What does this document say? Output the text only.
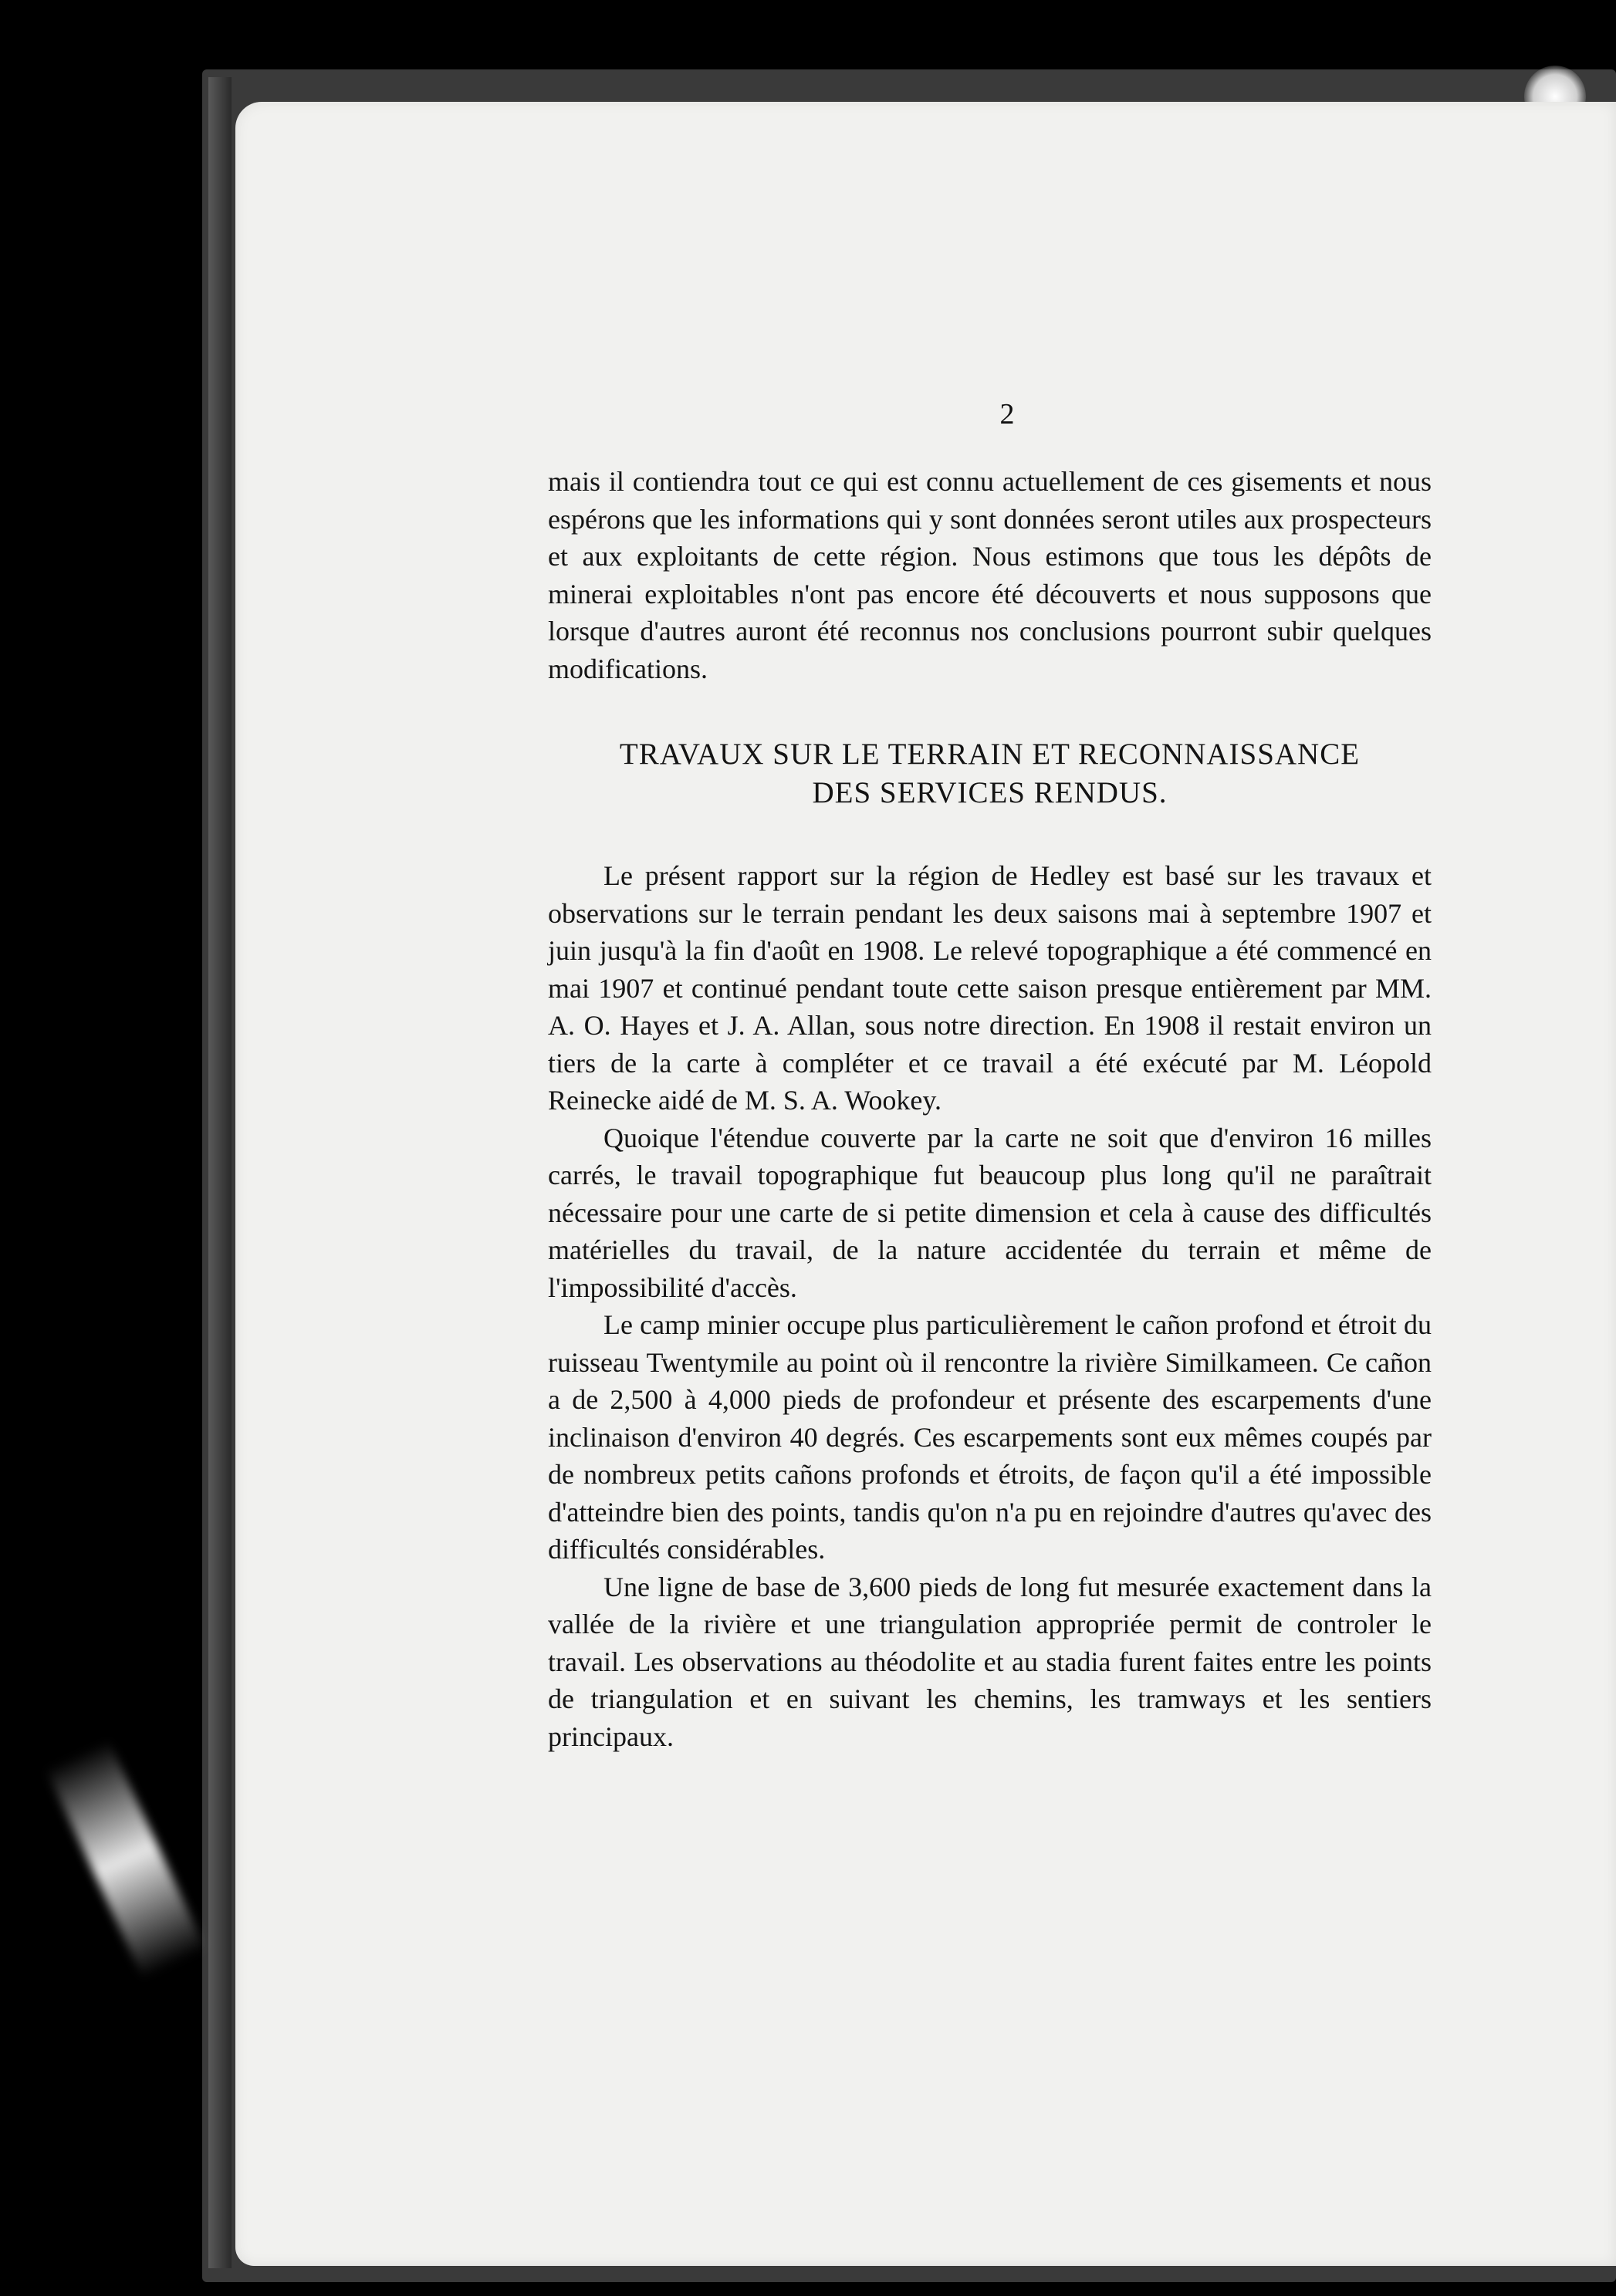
2

mais il contiendra tout ce qui est connu actuellement de ces gisements et nous espérons que les informations qui y sont données seront utiles aux prospecteurs et aux exploitants de cette région. Nous estimons que tous les dépôts de minerai exploitables n'ont pas encore été découverts et nous supposons que lorsque d'autres auront été reconnus nos conclusions pourront subir quelques modifications.

TRAVAUX SUR LE TERRAIN ET RECONNAISSANCE
DES SERVICES RENDUS.

Le présent rapport sur la région de Hedley est basé sur les travaux et observations sur le terrain pendant les deux saisons mai à septembre 1907 et juin jusqu'à la fin d'août en 1908. Le relevé topographique a été commencé en mai 1907 et continué pendant toute cette saison presque entièrement par MM. A. O. Hayes et J. A. Allan, sous notre direction. En 1908 il restait environ un tiers de la carte à compléter et ce travail a été exécuté par M. Léopold Reinecke aidé de M. S. A. Wookey.

Quoique l'étendue couverte par la carte ne soit que d'environ 16 milles carrés, le travail topographique fut beaucoup plus long qu'il ne paraîtrait nécessaire pour une carte de si petite dimension et cela à cause des difficultés matérielles du travail, de la nature accidentée du terrain et même de l'impossibilité d'accès.

Le camp minier occupe plus particulièrement le cañon profond et étroit du ruisseau Twentymile au point où il rencontre la rivière Similkameen. Ce cañon a de 2,500 à 4,000 pieds de profondeur et présente des escarpements d'une inclinaison d'environ 40 degrés. Ces escarpements sont eux mêmes coupés par de nombreux petits cañons profonds et étroits, de façon qu'il a été impossible d'atteindre bien des points, tandis qu'on n'a pu en rejoindre d'autres qu'avec des difficultés considérables.

Une ligne de base de 3,600 pieds de long fut mesurée exactement dans la vallée de la rivière et une triangulation appropriée permit de controler le travail. Les observations au théodolite et au stadia furent faites entre les points de triangulation et en suivant les chemins, les tramways et les sentiers principaux.
